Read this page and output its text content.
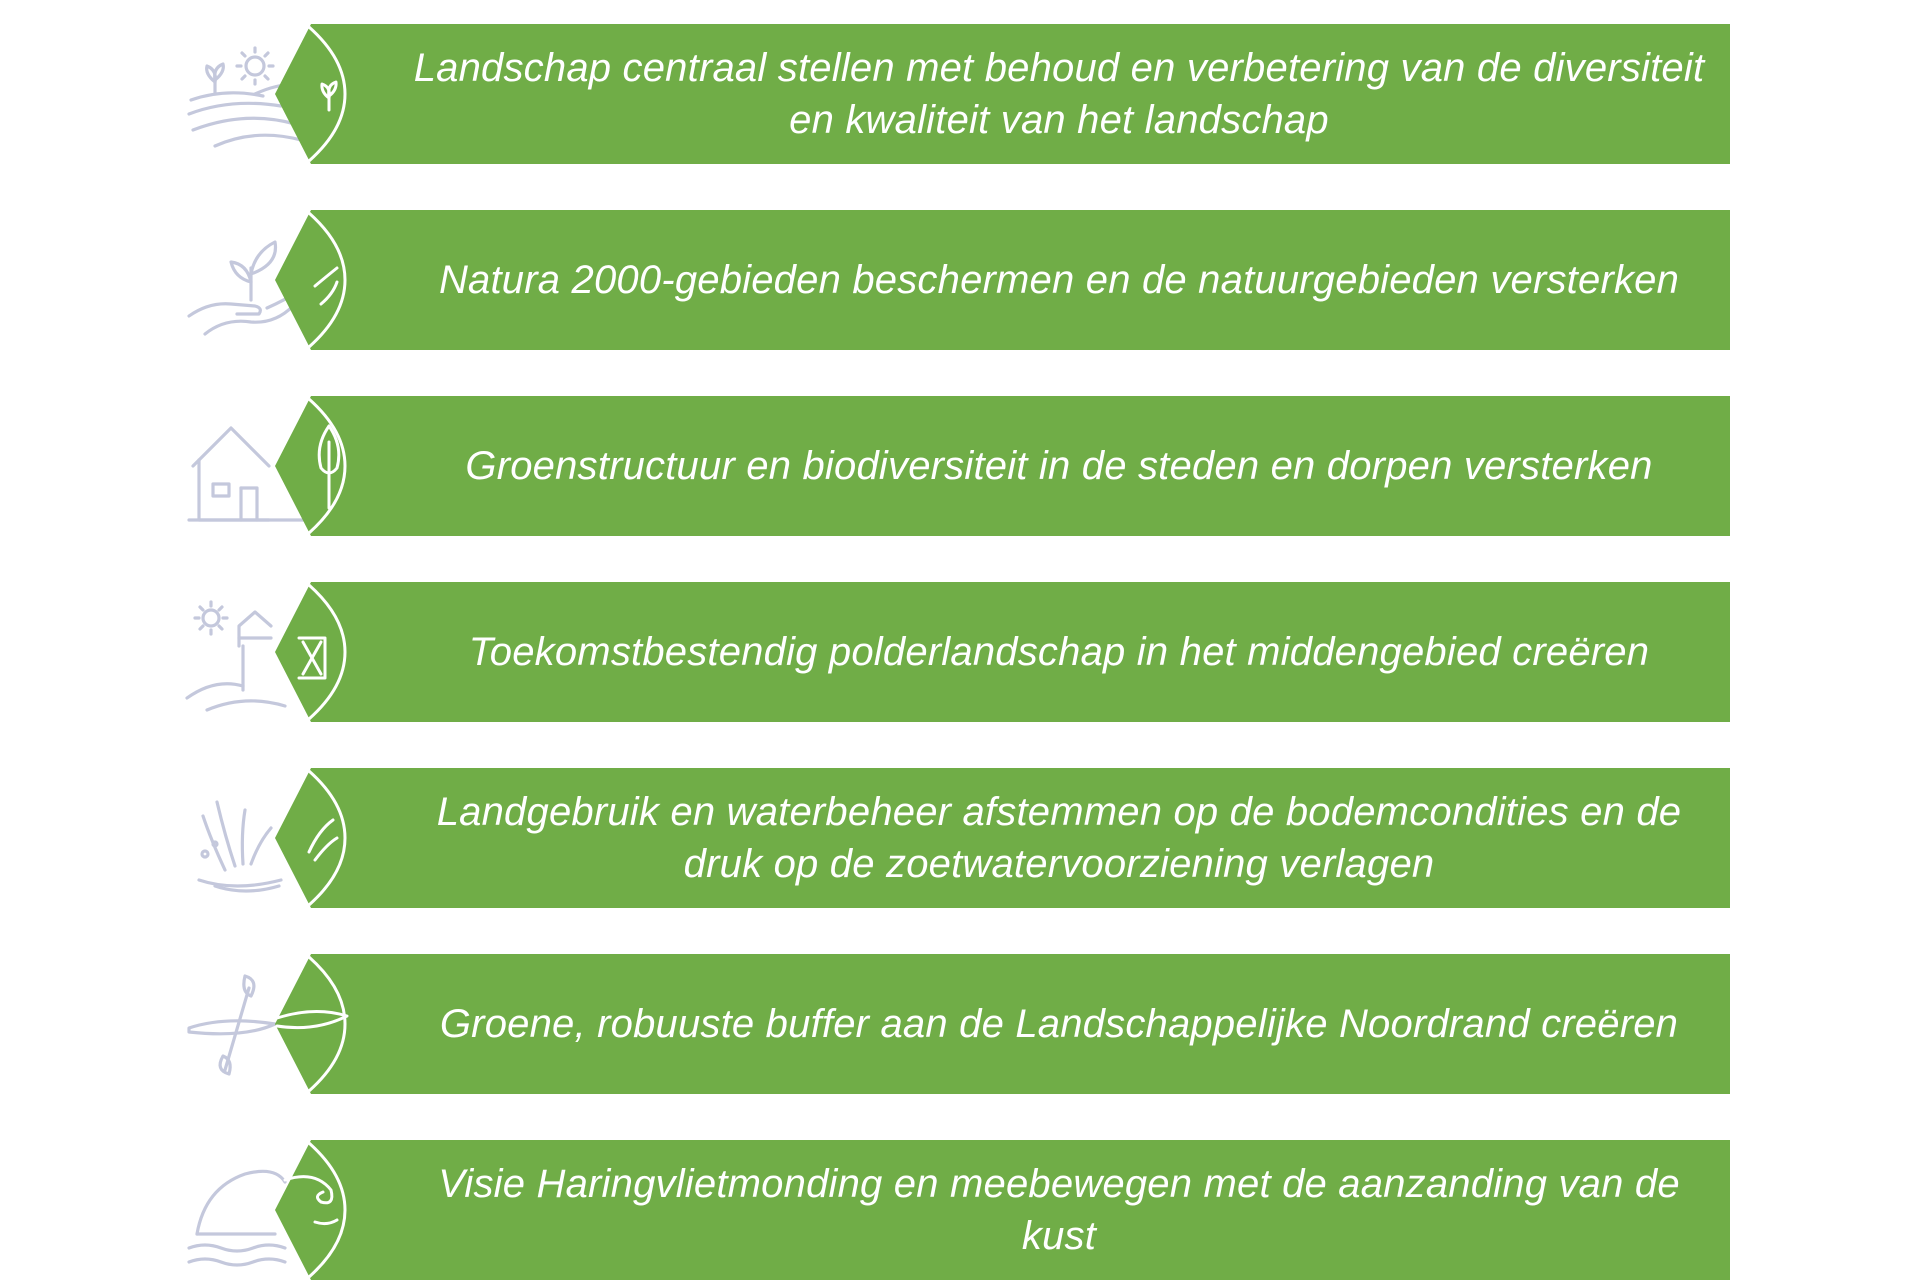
Landschap centraal stellen met behoud en verbetering van de diversiteit en kwaliteit van het landschap
Natura 2000-gebieden beschermen en de natuurgebieden versterken
Groenstructuur en biodiversiteit in de steden en dorpen versterken
Toekomstbestendig polderlandschap in het middengebied creëren
Landgebruik en waterbeheer afstemmen op de bodemcondities en de druk op de zoetwatervoorziening verlagen
Groene, robuuste buffer aan de Landschappelijke Noordrand creëren
Visie Haringvlietmonding en meebewegen met de aanzanding van de kust
